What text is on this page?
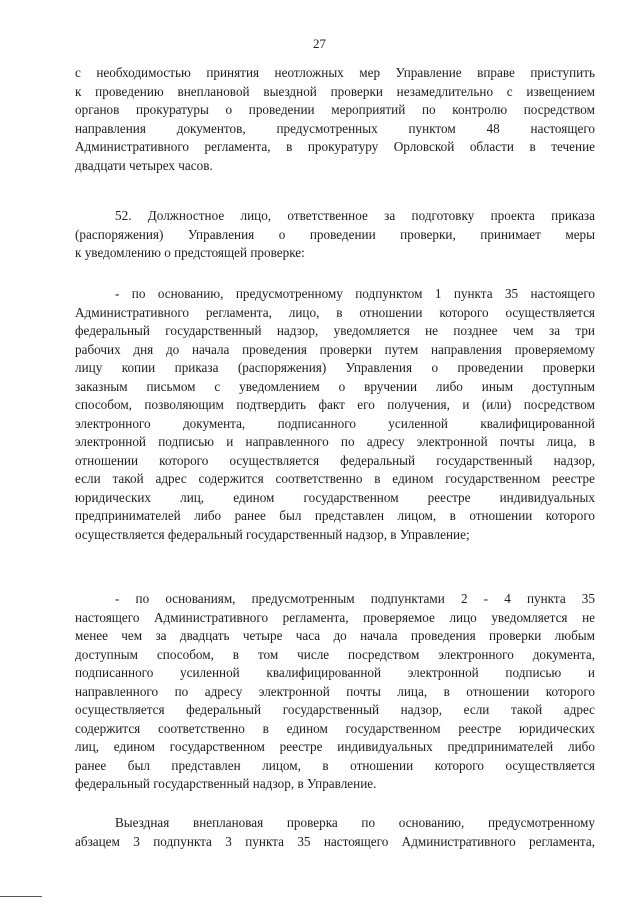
27
с необходимостью принятия неотложных мер Управление вправе приступить
к проведению внеплановой выездной проверки незамедлительно с извещением
органов прокуратуры о проведении мероприятий по контролю посредством
направления документов, предусмотренных пунктом 48 настоящего
Административного регламента, в прокуратуру Орловской области в течение
двадцати четырех часов.
52. Должностное лицо, ответственное за подготовку проекта приказа
(распоряжения) Управления о проведении проверки, принимает меры
к уведомлению о предстоящей проверке:
- по основанию, предусмотренному подпунктом 1 пункта 35 настоящего
Административного регламента, лицо, в отношении которого осуществляется
федеральный государственный надзор, уведомляется не позднее чем за три
рабочих дня до начала проведения проверки путем направления проверяемому
лицу копии приказа (распоряжения) Управления о проведении проверки
заказным письмом с уведомлением о вручении либо иным доступным
способом, позволяющим подтвердить факт его получения, и (или) посредством
электронного документа, подписанного усиленной квалифицированной
электронной подписью и направленного по адресу электронной почты лица, в
отношении которого осуществляется федеральный государственный надзор,
если такой адрес содержится соответственно в едином государственном реестре
юридических лиц, едином государственном реестре индивидуальных
предпринимателей либо ранее был представлен лицом, в отношении которого
осуществляется федеральный государственный надзор, в Управление;
- по основаниям, предусмотренным подпунктами 2 - 4 пункта 35
настоящего Административного регламента, проверяемое лицо уведомляется не
менее чем за двадцать четыре часа до начала проведения проверки любым
доступным способом, в том числе посредством электронного документа,
подписанного усиленной квалифицированной электронной подписью и
направленного по адресу электронной почты лица, в отношении которого
осуществляется федеральный государственный надзор, если такой адрес
содержится соответственно в едином государственном реестре юридических
лиц, едином государственном реестре индивидуальных предпринимателей либо
ранее был представлен лицом, в отношении которого осуществляется
федеральный государственный надзор, в Управление.
Выездная внеплановая проверка по основанию, предусмотренному
абзацем 3 подпункта 3 пункта 35 настоящего Административного регламента,
